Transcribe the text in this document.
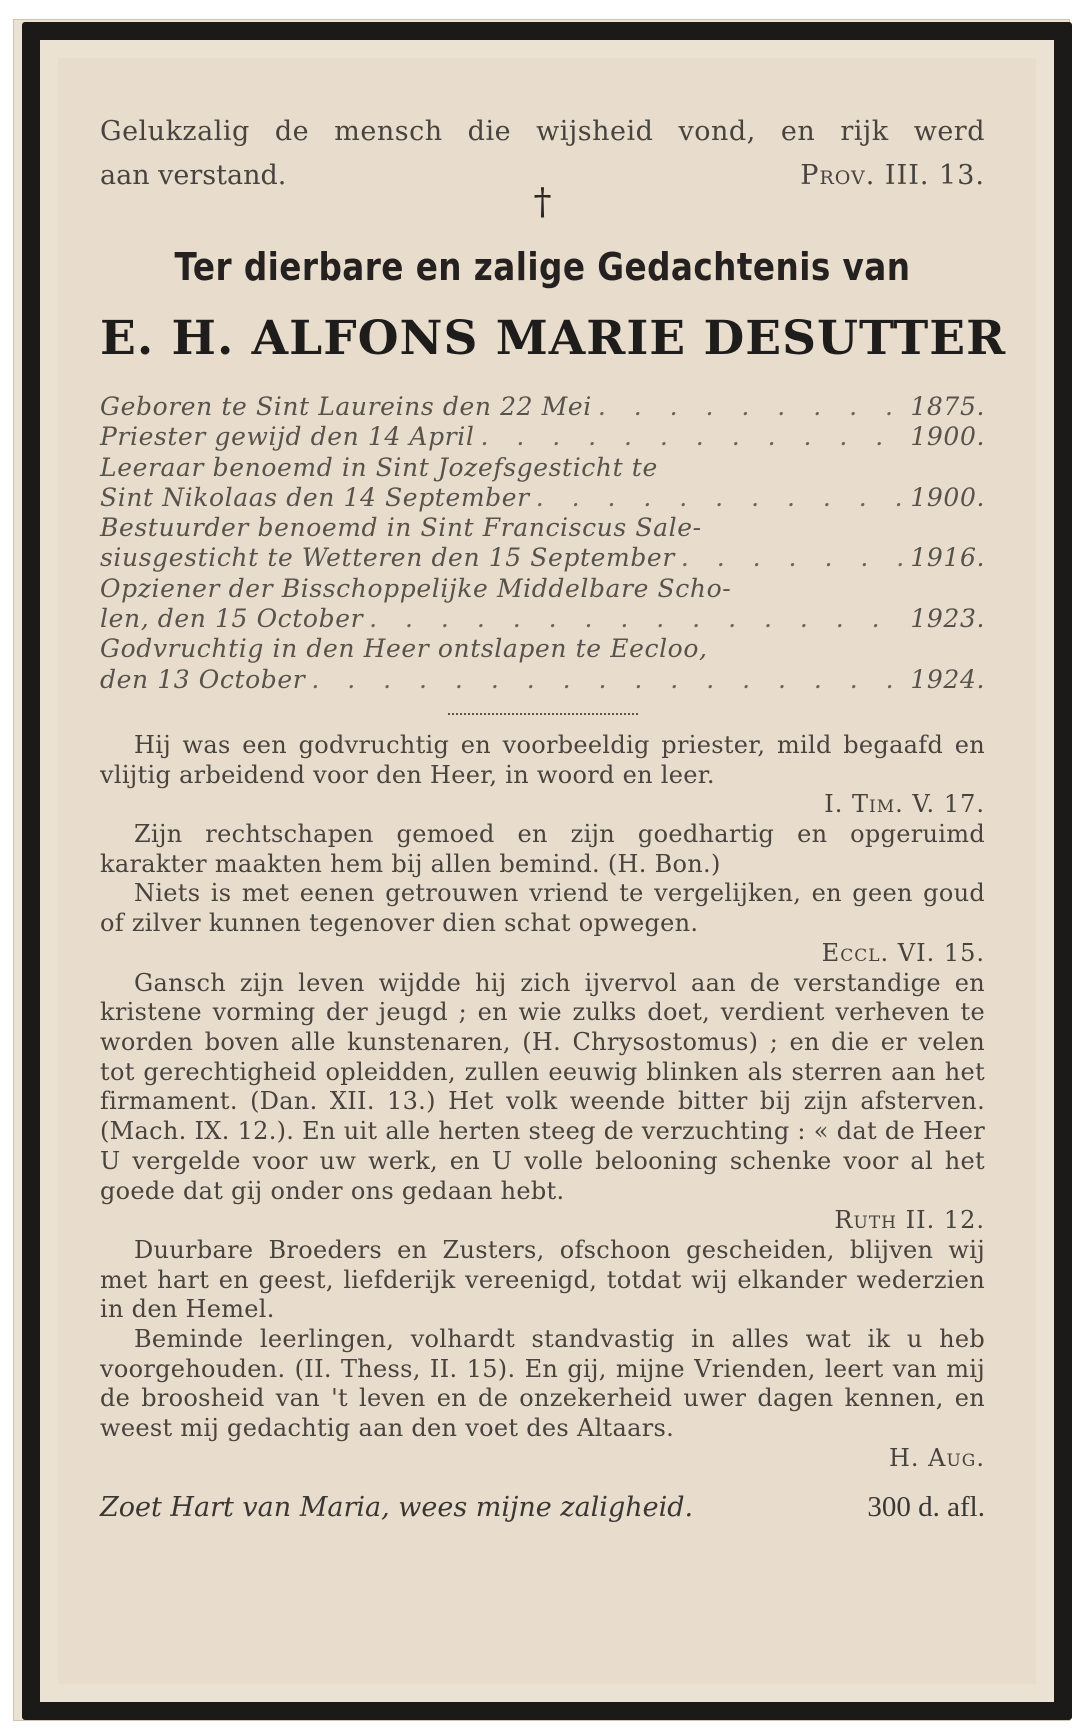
Gelukzalig de mensch die wijsheid vond, en rijk werd
aan verstand.	Prov. III. 13.
†
Ter dierbare en zalige Gedachtenis van
E. H. ALFONS MARIE DESUTTER
Geboren te Sint Laureins den 22 Mei . . .	1875.
Priester gewijd den 14 April . . .	1900.
Leeraar benoemd in Sint Jozefsgesticht te
Sint Nikolaas den 14 September . . .	1900.
Bestuurder benoemd in Sint Franciscus Sale-
siusgesticht te Wetteren den 15 September . . .	1916.
Opziener der Bisschoppelijke Middelbare Scho-
len, den 15 October . . .	1923.
Godvruchtig in den Heer ontslapen te Eecloo,
den 13 October . . .	1924.
Hij was een godvruchtig en voorbeeldig priester, mild begaafd en vlijtig arbeidend voor den Heer, in woord en leer.
I. Tim. V. 17.
Zijn rechtschapen gemoed en zijn goedhartig en opgeruimd karakter maakten hem bij allen bemind. (H. Bon.)
Niets is met eenen getrouwen vriend te vergelijken, en geen goud of zilver kunnen tegenover dien schat opwegen.
Eccl. VI. 15.
Gansch zijn leven wijdde hij zich ijvervol aan de verstandige en kristene vorming der jeugd ; en wie zulks doet, verdient verheven te worden boven alle kunstenaren, (H. Chrysostomus) ; en die er velen tot gerechtigheid opleidden, zullen eeuwig blinken als sterren aan het firmament. (Dan. XII. 13.) Het volk weende bitter bij zijn afsterven. (Mach. IX. 12.). En uit alle herten steeg de verzuchting : « dat de Heer U vergelde voor uw werk, en U volle belooning schenke voor al het goede dat gij onder ons gedaan hebt.
Ruth II. 12.
Duurbare Broeders en Zusters, ofschoon gescheiden, blijven wij met hart en geest, liefderijk vereenigd, totdat wij elkander wederzien in den Hemel.
Beminde leerlingen, volhardt standvastig in alles wat ik u heb voorgehouden. (II. Thess, II. 15). En gij, mijne Vrienden, leert van mij de broosheid van 't leven en de onzekerheid uwer dagen kennen, en weest mij gedachtig aan den voet des Altaars.
H. Aug.
Zoet Hart van Maria, wees mijne zaligheid.	300 d. afl.
